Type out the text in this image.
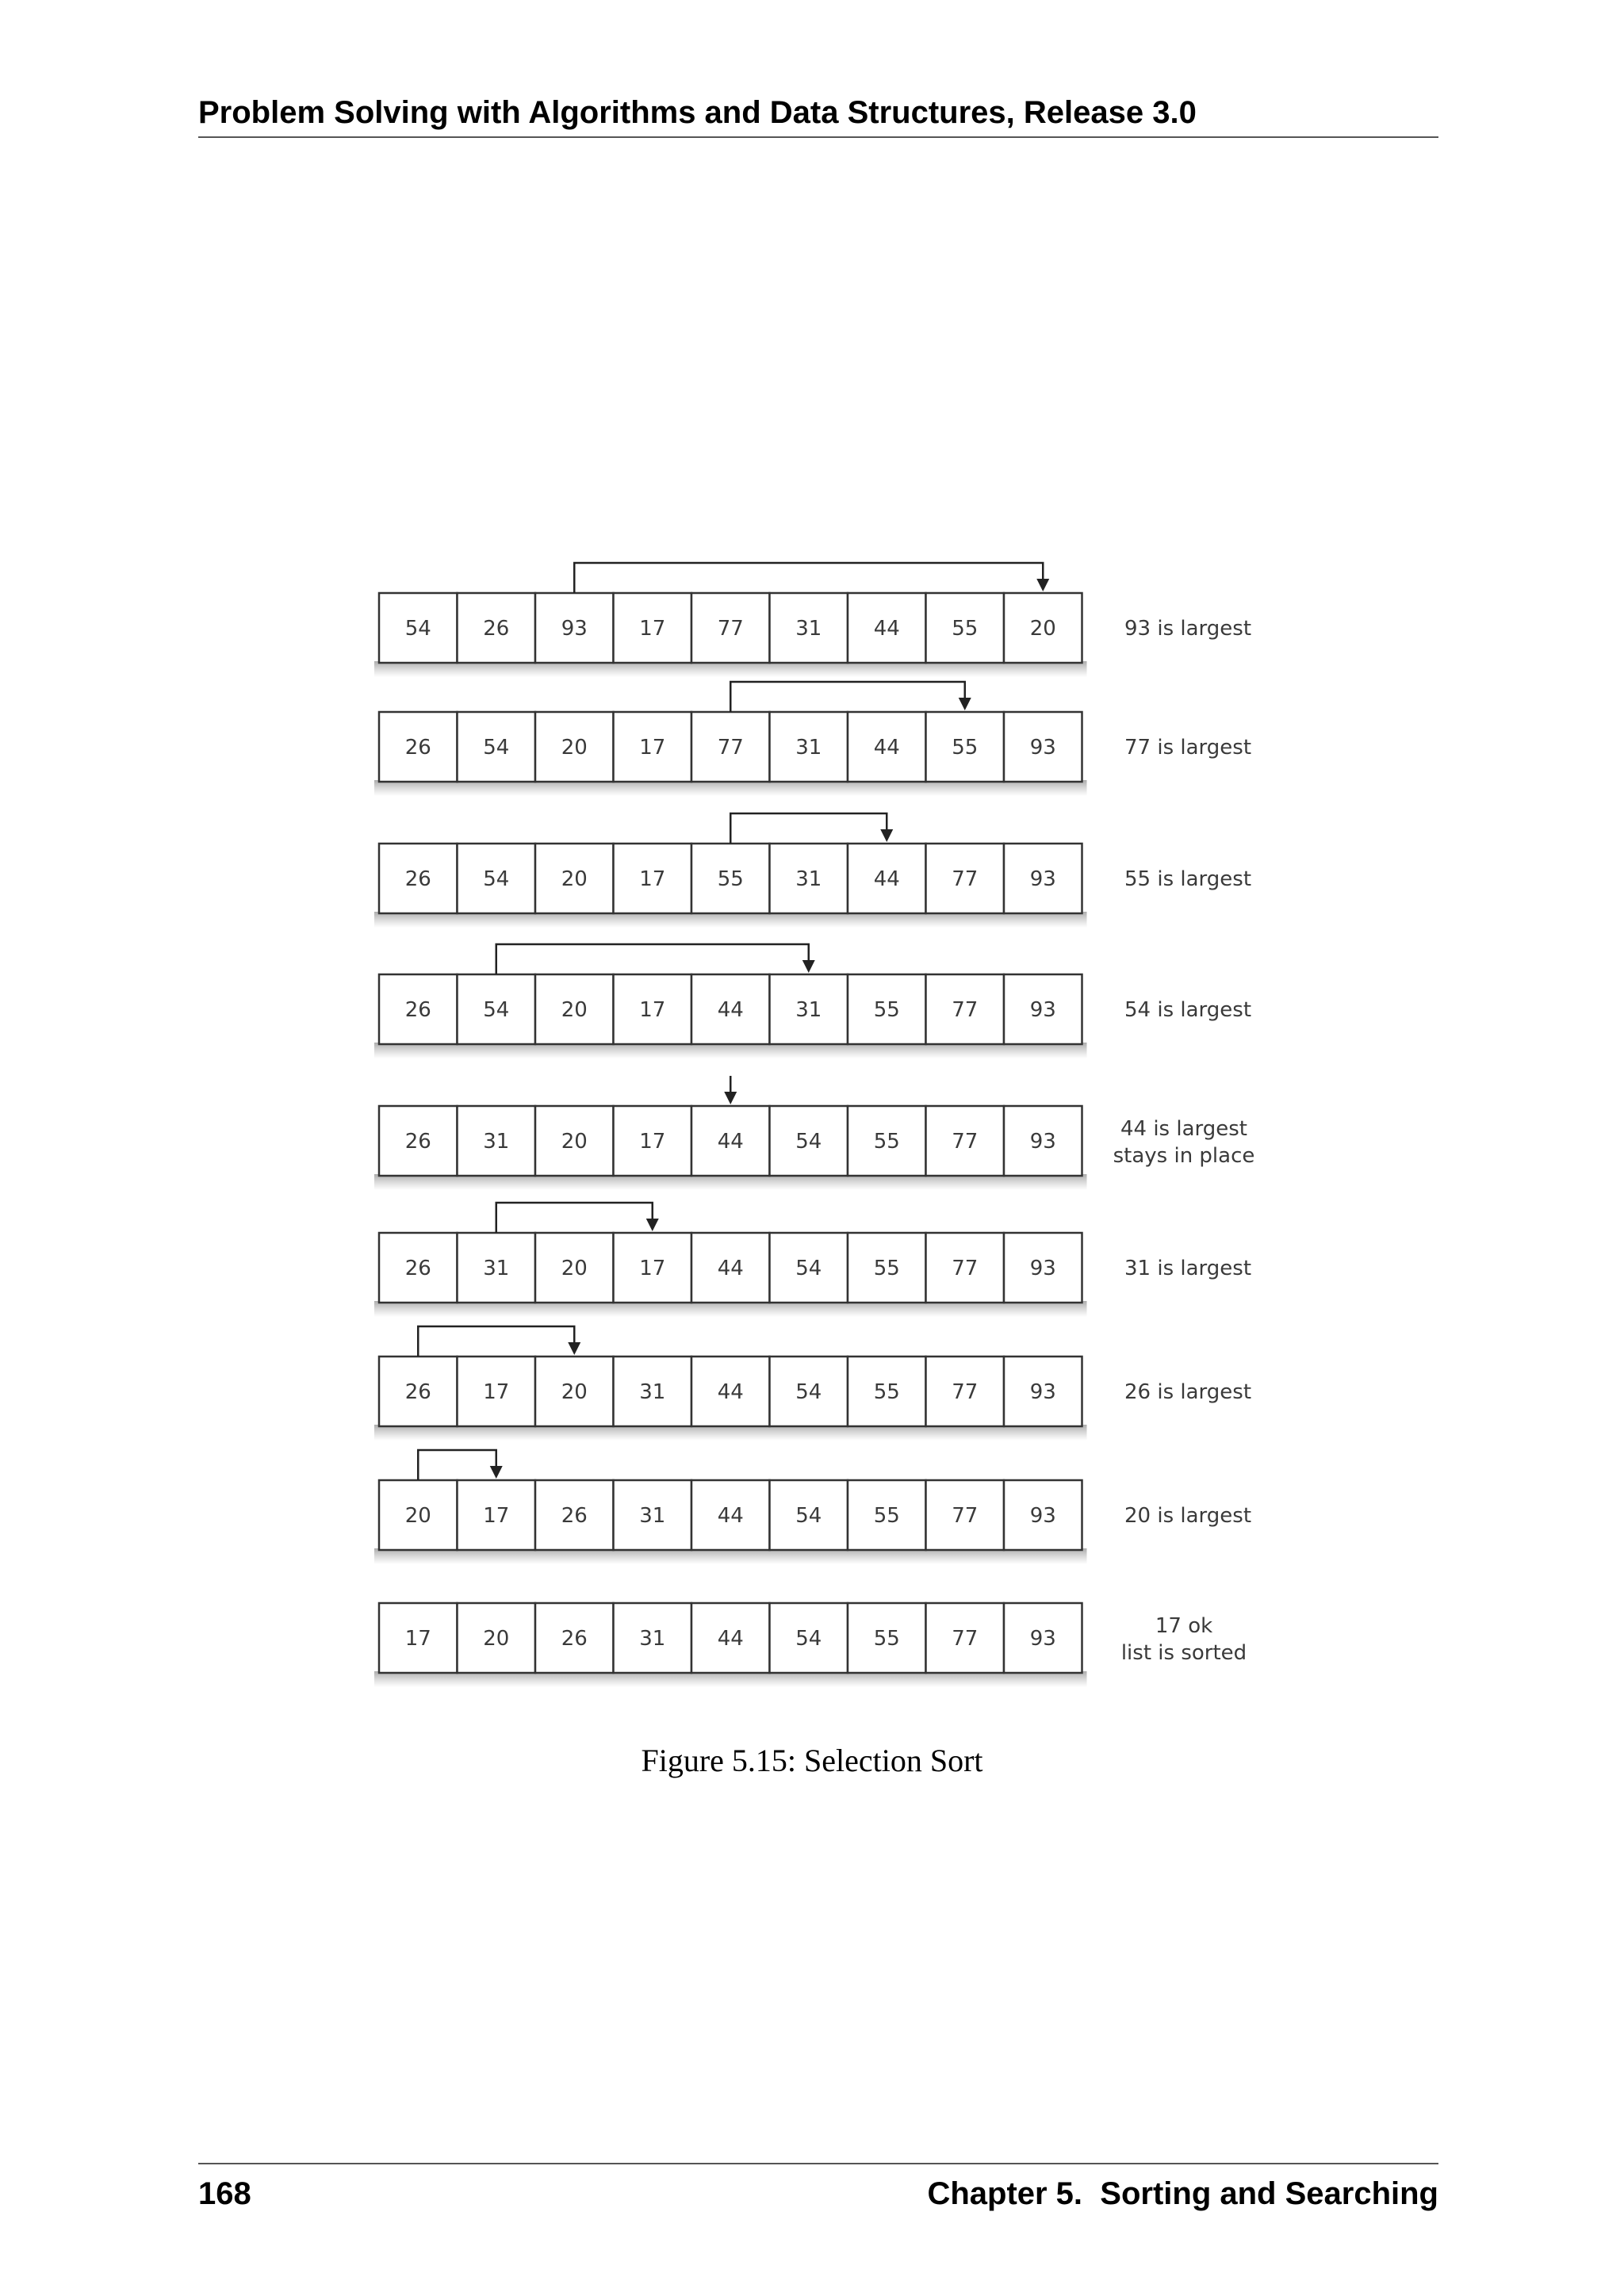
Problem Solving with Algorithms and Data Structures, Release 3.0
54	26	93	17	77	31	44	55	20	93 is largest
26	54	20	17	77	31	44	55	93	77 is largest
26	54	20	17	55	31	44	77	93	55 is largest
26	54	20	17	44	31	55	77	93	54 is largest
26	31	20	17	44	54	55	77	93
44 is largest
stays in place
26	31	20	17	44	54	55	77	93	31 is largest
26	17	20	31	44	54	55	77	93	26 is largest
20	17	26	31	44	54	55	77	93	20 is largest
17	20	26	31	44	54	55	77	93
17 ok
list is sorted
Figure 5.15: Selection Sort
168	Chapter 5.  Sorting and Searching
